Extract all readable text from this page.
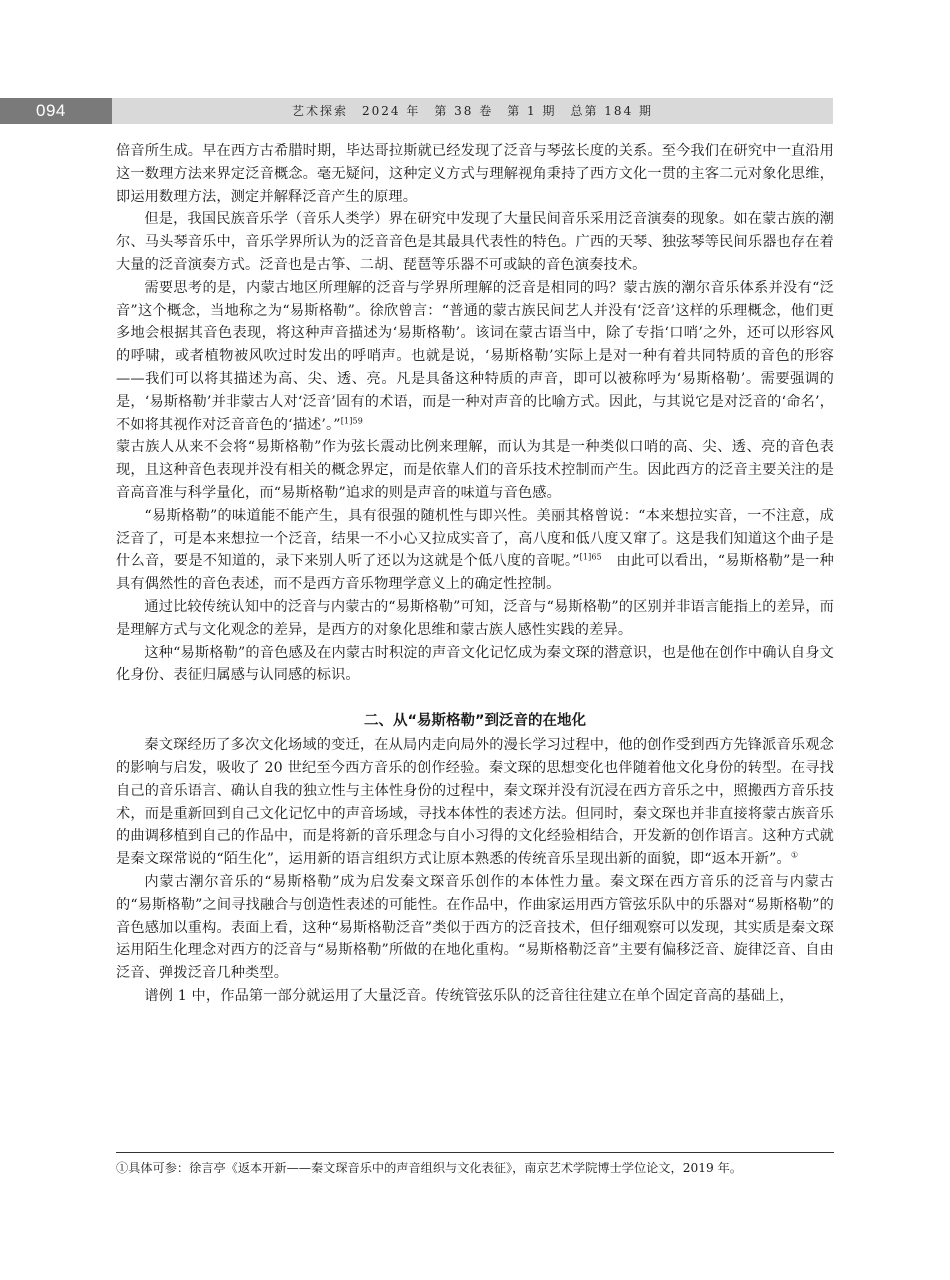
094	艺术探索　2024 年　第 38 卷　第 1 期　总第 184 期

倍音所生成。早在西方古希腊时期，毕达哥拉斯就已经发现了泛音与琴弦长度的关系。至今我们在研究中一直沿用这一数理方法来界定泛音概念。毫无疑问，这种定义方式与理解视角秉持了西方文化一贯的主客二元对象化思维，即运用数理方法，测定并解释泛音产生的原理。

但是，我国民族音乐学（音乐人类学）界在研究中发现了大量民间音乐采用泛音演奏的现象。如在蒙古族的潮尔、马头琴音乐中，音乐学界所认为的泛音音色是其最具代表性的特色。广西的天琴、独弦琴等民间乐器也存在着大量的泛音演奏方式。泛音也是古筝、二胡、琵琶等乐器不可或缺的音色演奏技术。

需要思考的是，内蒙古地区所理解的泛音与学界所理解的泛音是相同的吗？蒙古族的潮尔音乐体系并没有“泛音”这个概念，当地称之为“易斯格勒”。徐欣曾言：“普通的蒙古族民间艺人并没有‘泛音’这样的乐理概念，他们更多地会根据其音色表现，将这种声音描述为‘易斯格勒’。该词在蒙古语当中，除了专指‘口哨’之外，还可以形容风的呼啸，或者植物被风吹过时发出的呼哨声。也就是说，‘易斯格勒’实际上是对一种有着共同特质的音色的形容——我们可以将其描述为高、尖、透、亮。凡是具备这种特质的声音，即可以被称呼为‘易斯格勒’。需要强调的是，‘易斯格勒’并非蒙古人对‘泛音’固有的术语，而是一种对声音的比喻方式。因此，与其说它是对泛音的‘命名’，不如将其视作对泛音音色的‘描述’。”$^{[1]59}$

蒙古族人从来不会将“易斯格勒”作为弦长震动比例来理解，而认为其是一种类似口哨的高、尖、透、亮的音色表现，且这种音色表现并没有相关的概念界定，而是依靠人们的音乐技术控制而产生。因此西方的泛音主要关注的是音高音准与科学量化，而“易斯格勒”追求的则是声音的味道与音色感。

“易斯格勒”的味道能不能产生，具有很强的随机性与即兴性。美丽其格曾说：“本来想拉实音，一不注意，成泛音了，可是本来想拉一个泛音，结果一不小心又拉成实音了，高八度和低八度又窜了。这是我们知道这个曲子是什么音，要是不知道的，录下来别人听了还以为这就是个低八度的音呢。”$^{[1]65}$  由此可以看出，“易斯格勒”是一种具有偶然性的音色表述，而不是西方音乐物理学意义上的确定性控制。

通过比较传统认知中的泛音与内蒙古的“易斯格勒”可知，泛音与“易斯格勒”的区别并非语言能指上的差异，而是理解方式与文化观念的差异，是西方的对象化思维和蒙古族人感性实践的差异。

这种“易斯格勒”的音色感及在内蒙古时积淀的声音文化记忆成为秦文琛的潜意识，也是他在创作中确认自身文化身份、表征归属感与认同感的标识。

二、从“易斯格勒”到泛音的在地化

秦文琛经历了多次文化场域的变迁，在从局内走向局外的漫长学习过程中，他的创作受到西方先锋派音乐观念的影响与启发，吸收了 20 世纪至今西方音乐的创作经验。秦文琛的思想变化也伴随着他文化身份的转型。在寻找自己的音乐语言、确认自我的独立性与主体性身份的过程中，秦文琛并没有沉浸在西方音乐之中，照搬西方音乐技术，而是重新回到自己文化记忆中的声音场域，寻找本体性的表述方法。但同时，秦文琛也并非直接将蒙古族音乐的曲调移植到自己的作品中，而是将新的音乐理念与自小习得的文化经验相结合，开发新的创作语言。这种方式就是秦文琛常说的“陌生化”，运用新的语言组织方式让原本熟悉的传统音乐呈现出新的面貌，即“返本开新”。①

内蒙古潮尔音乐的“易斯格勒”成为启发秦文琛音乐创作的本体性力量。秦文琛在西方音乐的泛音与内蒙古的“易斯格勒”之间寻找融合与创造性表述的可能性。在作品中，作曲家运用西方管弦乐队中的乐器对“易斯格勒”的音色感加以重构。表面上看，这种“易斯格勒泛音”类似于西方的泛音技术，但仔细观察可以发现，其实质是秦文琛运用陌生化理念对西方的泛音与“易斯格勒”所做的在地化重构。“易斯格勒泛音”主要有偏移泛音、旋律泛音、自由泛音、弹拨泛音几种类型。

谱例 1 中，作品第一部分就运用了大量泛音。传统管弦乐队的泛音往往建立在单个固定音高的基础上，

①具体可参：徐言亭《返本开新——秦文琛音乐中的声音组织与文化表征》，南京艺术学院博士学位论文，2019 年。
